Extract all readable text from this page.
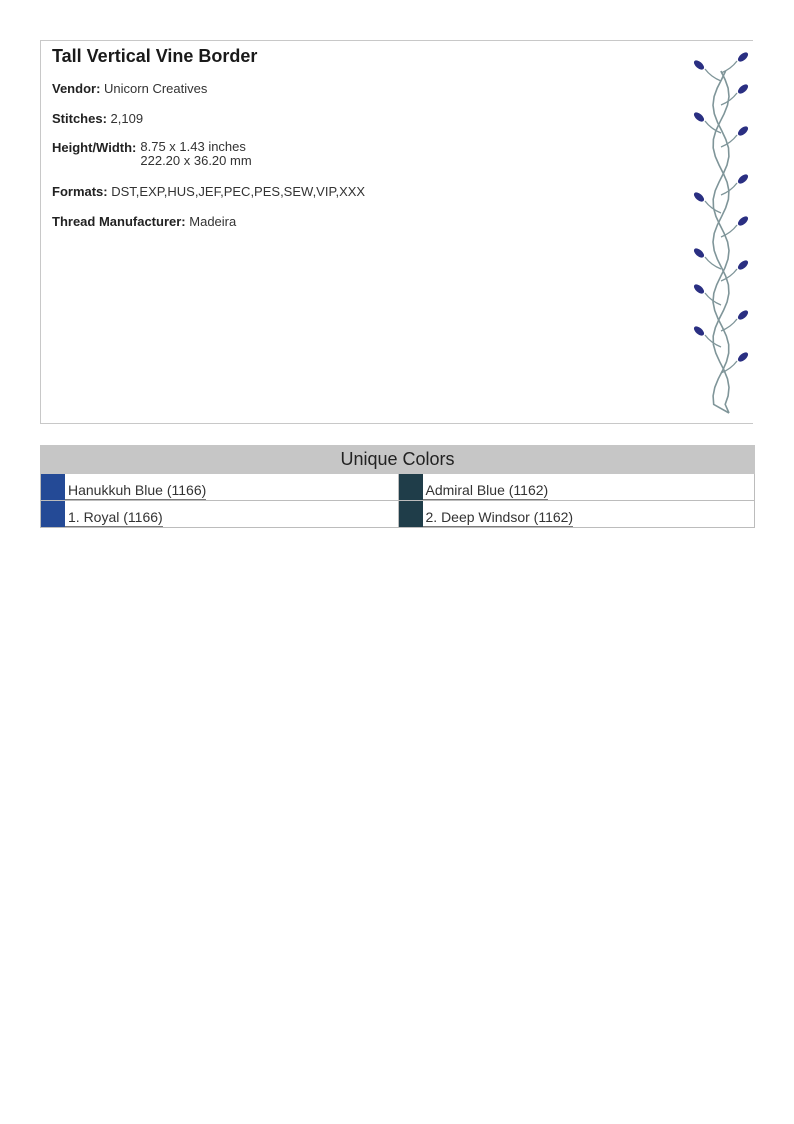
Tall Vertical Vine Border
Vendor: Unicorn Creatives
Stitches: 2,109
Height/Width: 8.75 x 1.43 inches
222.20 x 36.20 mm
Formats: DST,EXP,HUS,JEF,PEC,PES,SEW,VIP,XXX
Thread Manufacturer: Madeira
Unique Colors
Hanukkuh Blue (1166)	Admiral Blue (1162)
1. Royal (1166)	2. Deep Windsor (1162)
